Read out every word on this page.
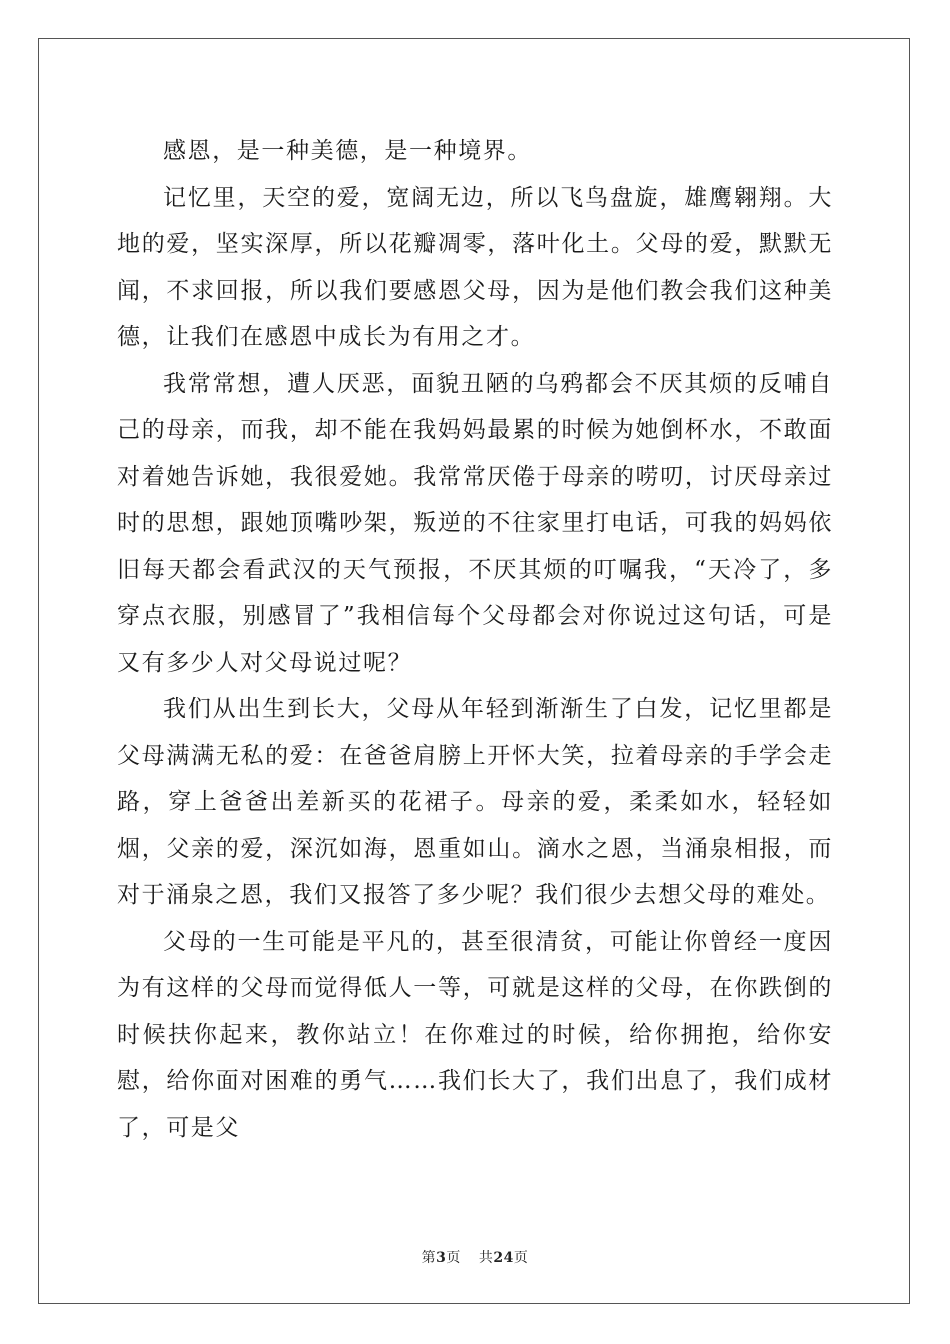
感恩，是一种美德，是一种境界。

记忆里，天空的爱，宽阔无边，所以飞鸟盘旋，雄鹰翱翔。大地的爱，坚实深厚，所以花瓣凋零，落叶化土。父母的爱，默默无闻，不求回报，所以我们要感恩父母，因为是他们教会我们这种美德，让我们在感恩中成长为有用之才。

我常常想，遭人厌恶，面貌丑陋的乌鸦都会不厌其烦的反哺自己的母亲，而我，却不能在我妈妈最累的时候为她倒杯水，不敢面对着她告诉她，我很爱她。我常常厌倦于母亲的唠叨，讨厌母亲过时的思想，跟她顶嘴吵架，叛逆的不往家里打电话，可我的妈妈依旧每天都会看武汉的天气预报，不厌其烦的叮嘱我，“天冷了，多穿点衣服，别感冒了”我相信每个父母都会对你说过这句话，可是又有多少人对父母说过呢？

我们从出生到长大，父母从年轻到渐渐生了白发，记忆里都是父母满满无私的爱：在爸爸肩膀上开怀大笑，拉着母亲的手学会走路，穿上爸爸出差新买的花裙子。母亲的爱，柔柔如水，轻轻如烟，父亲的爱，深沉如海，恩重如山。滴水之恩，当涌泉相报，而对于涌泉之恩，我们又报答了多少呢？我们很少去想父母的难处。

父母的一生可能是平凡的，甚至很清贫，可能让你曾经一度因为有这样的父母而觉得低人一等，可就是这样的父母，在你跌倒的时候扶你起来，教你站立！在你难过的时候，给你拥抱，给你安慰，给你面对困难的勇气……我们长大了，我们出息了，我们成材了，可是父

第3页 共24页
